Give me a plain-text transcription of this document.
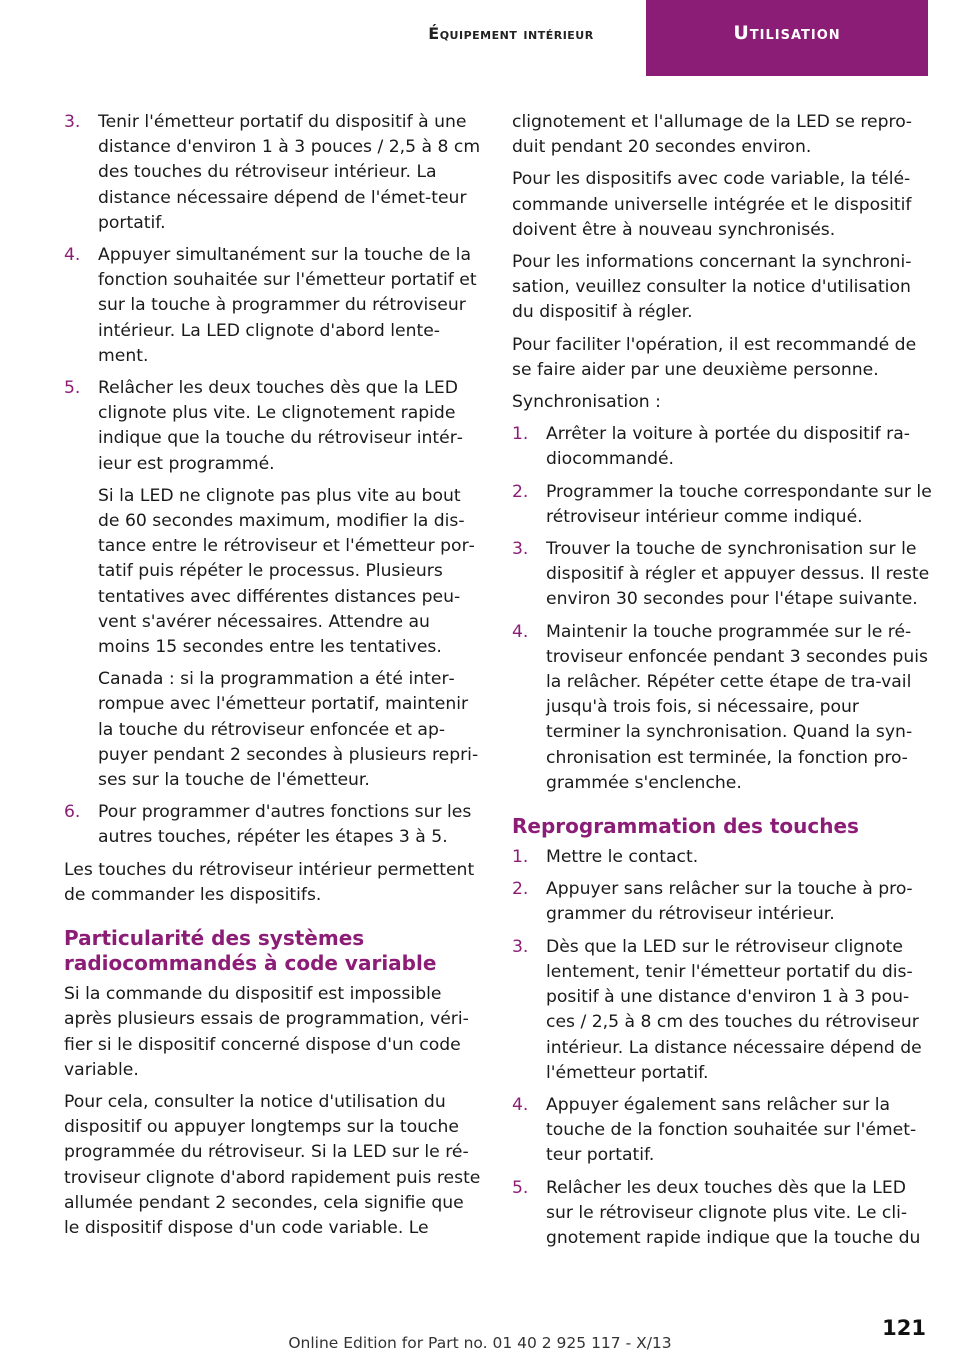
Équipement intérieur	Utilisation
3. Tenir l'émetteur portatif du dispositif à une distance d'environ 1 à 3 pouces / 2,5 à 8 cm des touches du rétroviseur intérieur. La distance nécessaire dépend de l'émet‐teur portatif.

4. Appuyer simultanément sur la touche de la fonction souhaitée sur l'émetteur portatif et sur la touche à programmer du rétroviseur intérieur. La LED clignote d'abord lente‐ment.

5. Relâcher les deux touches dès que la LED clignote plus vite. Le clignotement rapide indique que la touche du rétroviseur intér‐ieur est programmé.

Si la LED ne clignote pas plus vite au bout de 60 secondes maximum, modifier la dis‐tance entre le rétroviseur et l'émetteur por‐tatif puis répéter le processus. Plusieurs tentatives avec différentes distances peu‐vent s'avérer nécessaires. Attendre au moins 15 secondes entre les tentatives.

Canada : si la programmation a été inter‐rompue avec l'émetteur portatif, maintenir la touche du rétroviseur enfoncée et ap‐puyer pendant 2 secondes à plusieurs repri‐ses sur la touche de l'émetteur.

6. Pour programmer d'autres fonctions sur les autres touches, répéter les étapes 3 à 5.

Les touches du rétroviseur intérieur permettent de commander les dispositifs.

Particularité des systèmes radiocommandés à code variable

Si la commande du dispositif est impossible après plusieurs essais de programmation, véri‐fier si le dispositif concerné dispose d'un code variable.

Pour cela, consulter la notice d'utilisation du dispositif ou appuyer longtemps sur la touche programmée du rétroviseur. Si la LED sur le ré‐troviseur clignote d'abord rapidement puis reste allumée pendant 2 secondes, cela signifie que le dispositif dispose d'un code variable. Le

clignotement et l'allumage de la LED se repro‐duit pendant 20 secondes environ.

Pour les dispositifs avec code variable, la télé‐commande universelle intégrée et le dispositif doivent être à nouveau synchronisés.

Pour les informations concernant la synchroni‐sation, veuillez consulter la notice d'utilisation du dispositif à régler.

Pour faciliter l'opération, il est recommandé de se faire aider par une deuxième personne.

Synchronisation :

1. Arrêter la voiture à portée du dispositif ra‐diocommandé.

2. Programmer la touche correspondante sur le rétroviseur intérieur comme indiqué.

3. Trouver la touche de synchronisation sur le dispositif à régler et appuyer dessus. Il reste environ 30 secondes pour l'étape suivante.

4. Maintenir la touche programmée sur le ré‐troviseur enfoncée pendant 3 secondes puis la relâcher. Répéter cette étape de tra‐vail jusqu'à trois fois, si nécessaire, pour terminer la synchronisation. Quand la syn‐chronisation est terminée, la fonction pro‐grammée s'enclenche.

Reprogrammation des touches
1. Mettre le contact.

2. Appuyer sans relâcher sur la touche à pro‐grammer du rétroviseur intérieur.

3. Dès que la LED sur le rétroviseur clignote lentement, tenir l'émetteur portatif du dis‐positif à une distance d'environ 1 à 3 pou‐ces / 2,5 à 8 cm des touches du rétroviseur intérieur. La distance nécessaire dépend de l'émetteur portatif.

4. Appuyer également sans relâcher sur la touche de la fonction souhaitée sur l'émet‐teur portatif.

5. Relâcher les deux touches dès que la LED sur le rétroviseur clignote plus vite. Le cli‐gnotement rapide indique que la touche du

121
Online Edition for Part no. 01 40 2 925 117 - X/13
